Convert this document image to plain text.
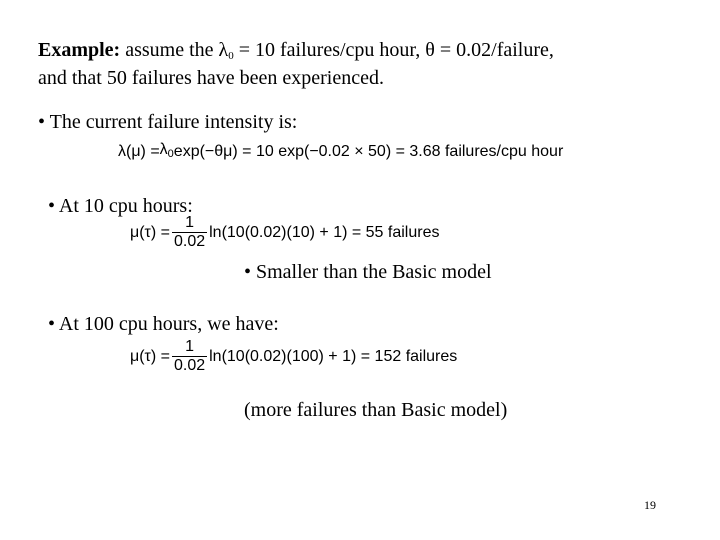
Example: assume the $\lambda_0 = 10$ failures/cpu hour, θ = 0.02/failure,
and that 50 failures have been experienced.
• The current failure intensity is:
$\lambda(\mu) = \lambda_0$ exp(−θμ) = 10 exp(−0.02 × 50) = 3.68 failures/cpu hour
• At 10 cpu hours:
$\mu(\tau) = \frac{1}{0.02} \ln(10(0.02)(10) + 1) = 55$ failures
• Smaller than the Basic model
• At 100 cpu hours, we have:
$\mu(\tau) = \frac{1}{0.02} \ln(10(0.02)(100) + 1) = 152$ failures
(more failures than Basic model)
19
